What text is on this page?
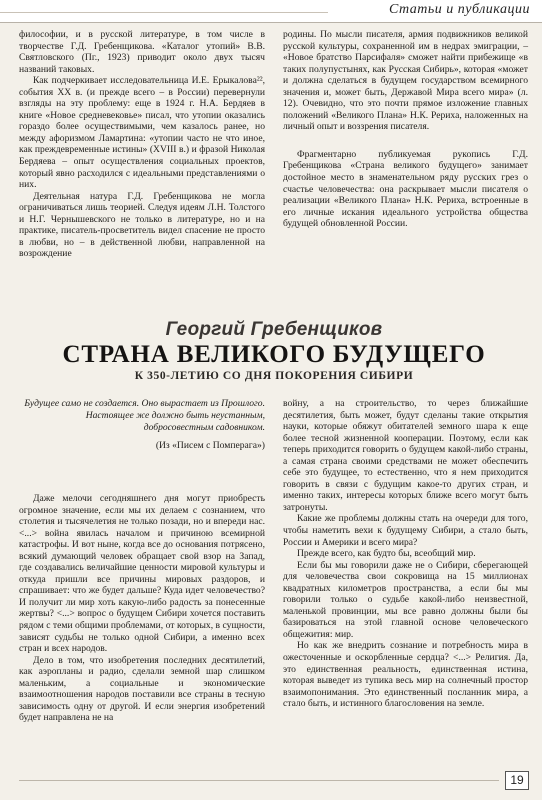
Статьи и публикации

философии, и в русской литературе, в том числе в творчестве Г.Д. Гребенщикова. «Каталог утопий» В.В. Святловского (Пг., 1923) приводит около двух тысяч названий таковых.

Как подчеркивает исследовательница И.Е. Ерыкалова²², события XX в. (и прежде всего – в России) перевернули взгляды на эту проблему: еще в 1924 г. Н.А. Бердяев в книге «Новое средневековье» писал, что утопии оказались гораздо более осуществимыми, чем казалось ранее, но между афоризмом Ламартина: «утопии часто не что иное, как преждевременные истины» (XVIII в.) и фразой Николая Бердяева – опыт осуществления социальных проектов, который явно расходился с идеальными представлениями о них.

Деятельная натура Г.Д. Гребенщикова не могла ограничиваться лишь теорией. Следуя идеям Л.Н. Толстого и Н.Г. Чернышевского не только в литературе, но и на практике, писатель-просветитель видел спасение не просто в любви, но – в действенной любви, направленной на возрождение

родины. По мысли писателя, армия подвижников великой русской культуры, сохраненной им в недрах эмиграции, – «Новое братство Парсифаля» сможет найти прибежище «в таких полупустынях, как Русская Сибирь», которая «может и должна сделаться в будущем государством всемирного значения и, может быть, Державой Мира всего мира» (л. 12). Очевидно, что это почти прямое изложение главных положений «Великого Плана» Н.К. Рериха, наложенных на личный опыт и воззрения писателя.

Фрагментарно публикуемая рукопись Г.Д. Гребенщикова «Страна великого будущего» занимает достойное место в знаменательном ряду русских грез о счастье человечества: она раскрывает мысли писателя о реализации «Великого Плана» Н.К. Рериха, встроенные в его личные искания идеального устройства общества будущей обновленной России.

Георгий Гребенщиков
СТРАНА ВЕЛИКОГО БУДУЩЕГО
К 350-ЛЕТИЮ СО ДНЯ ПОКОРЕНИЯ СИБИРИ
Будущее само не создается. Оно вырастает из Прошлого. Настоящее же должно быть неустанным, добросовестным садовником.
(Из «Писем с Помперага»)

Даже мелочи сегодняшнего дня могут приобресть огромное значение, если мы их делаем с сознанием, что столетия и тысячелетия не только позади, но и впереди нас. <...> война явилась началом и причиною всемирной катастрофы. И вот ныне, когда все до основания потрясено, всякий думающий человек обращает свой взор на Запад, где создавались величайшие ценности мировой культуры и откуда пришли все причины мировых раздоров, и спрашивает: что же будет дальше? Куда идет человечество? И получит ли мир хоть какую-либо радость за понесенные жертвы? <...> вопрос о будущем Сибири хочется поставить рядом с теми общими проблемами, от которых, в сущности, зависят судьбы не только одной Сибири, а именно всех стран и всех народов.

Дело в том, что изобретения последних десятилетий, как аэропланы и радио, сделали земной шар слишком маленьким, а социальные и экономические взаимоотношения народов поставили все страны в тесную зависимость одну от другой. И если энергия изобретений будет направлена не на

войну, а на строительство, то через ближайшие десятилетия, быть может, будут сделаны такие открытия науки, которые обяжут обитателей земного шара к еще более тесной жизненной кооперации. Поэтому, если как теперь приходится говорить о будущем какой-либо страны, а самая страна своими средствами не может обеспечить себе это будущее, то естественно, что я нем приходится говорить в связи с будущим какое-то других стран, и именно таких, интересы которых ближе всего могут быть затронуты.

Какие же проблемы должны стать на очереди для того, чтобы наметить вехи к будущему Сибири, а стало быть, России и Америки и всего мира?

Прежде всего, как будто бы, всеобщий мир.

Если бы мы говорили даже не о Сибири, сберегающей для человечества свои сокровища на 15 миллионах квадратных километров пространства, а если бы мы говорили только о судьбе какой-либо неизвестной, маленькой провинции, мы все равно должны были бы базироваться на этой главной основе человеческого общежития: мир.

Но как же внедрить сознание и потребность мира в ожесточенные и оскорбленные сердца? <...> Религия. Да, это единственная реальность, единственная истина, которая выведет из тупика весь мир на солнечный простор взаимопонимания. Это единственный посланник мира, а стало быть, и истинного благословения на земле.

19
